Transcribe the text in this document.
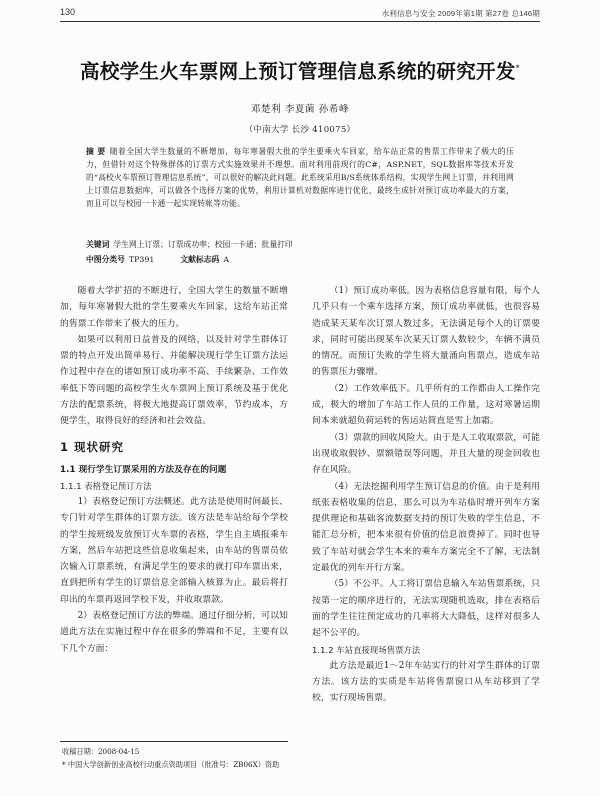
130	水利信息与安全 2009年第1期 第27卷 总146期
高校学生火车票网上预订管理信息系统的研究开发*
邓楚利 李夏菌 孙希峰
（中南大学 长沙 410075）
摘 要 随着全国大学生数量的不断增加，每年寒暑假大批的学生要乘火车回家，给车站正常的售票工作带来了极大的压力，但借针对这个特殊群体的订票方式实施效果并不理想。面对利用前现行的C#，ASP.NET，SQL数据库等技术开发的“高校火车票预订管理信息系统”，可以很好的解决此问题。此系统采用B/S系统体系结构，实现学生网上订票，并利用网上订票信息数据库，可以做各个选择方案的优势，利用计算机对数据库进行优化，最终生成针对预订成功率最大的方案，而且可以与校园一卡通一起实现转帐等功能。
关键词 学生网上订票；订票成功率；校园一卡通；批量打印
中图分类号 TP391	文献标志码 A

随着大学扩招的不断进行，全国大学生的数量不断增加，每年寒暑假大批的学生要乘火车回家，这给车站正常的售票工作带来了极大的压力。

如果可以利用日益普及的网络，以及针对学生群体订票的特点开发出简单易行、并能解决现行学生订票方法运作过程中存在的诸如预订成功率不高、手续繁杂、工作效率低下等问题的高校学生火车票网上预订系统及基于优化方法的配票系统，将极大地提高订票效率，节约成本，方便学生，取得良好的经济和社会效益。

1 现状研究
1.1 现行学生订票采用的方法及存在的问题
1.1.1 表格登记预订方法

1）表格登记预订方法概述。此方法是使用时间最长、专门针对学生群体的订票方法。该方法是车站给每个学校的学生按班级发放预订火车票的表格，学生自主填报乘车方案，然后车站把这些信息收集起来，由车站的售票员依次输入订票系统，有满足学生的要求的就打印车票出来，直到把所有学生的订票信息全部输入核算为止。最后将打印出的车票再返回学校下发，并收取票款。

2）表格登记预订方法的弊端。通过仔细分析，可以知道此方法在实施过程中存在很多的弊端和不足，主要有以下几个方面：

（1）预订成功率低。因为表格信息容量有限，每个人几乎只有一个乘车选择方案，预订成功率就低，也很容易造成某天某车次订票人数过多，无法满足每个人的订票要求，同时可能出现某车次某天订票人数较少，车辆不满员的情况。而预订失败的学生将大量涌向售票点，造成车站的售票压力骤增。

（2）工作效率低下。几乎所有的工作都由人工操作完成，极大的增加了车站工作人员的工作量，这对寒暑运期间本来就超负荷运转的售运站简直是雪上加霜。

（3）票款的回收风险大。由于是人工收取票款，可能出现收取假钞、票额错误等问题，并且大量的现金回收也存在风险。

（4）无法挖掘利用学生预订信息的价值。由于是利用纸张表格收集的信息，那么可以为车站临时增开列车方案提供理论和基础客流数据支持的预订失败的学生信息，不能汇总分析，把本来很有价值的信息浪费掉了。同时也导致了车站对就会学生本来的乘车方案完全不了解，无法制定最优的列车开行方案。

（5）不公平。人工将订票信息输入车站售票系统，只按第一定的顺序进行的，无法实现随机选取，排在表格后面的学生往往预定成功的几率将大大降低，这样对很多人起不公平的。

1.1.2 车站直接现场售票方法

此方法是最近1～2年车站实行的针对学生群体的订票方法。该方法的实质是车站将售票窗口从车站移到了学校，实行现场售票。

收稿日期：2008-04-15
* 中国大学创新创业高校行动重点资助项目（批准号：ZB06X）资助
